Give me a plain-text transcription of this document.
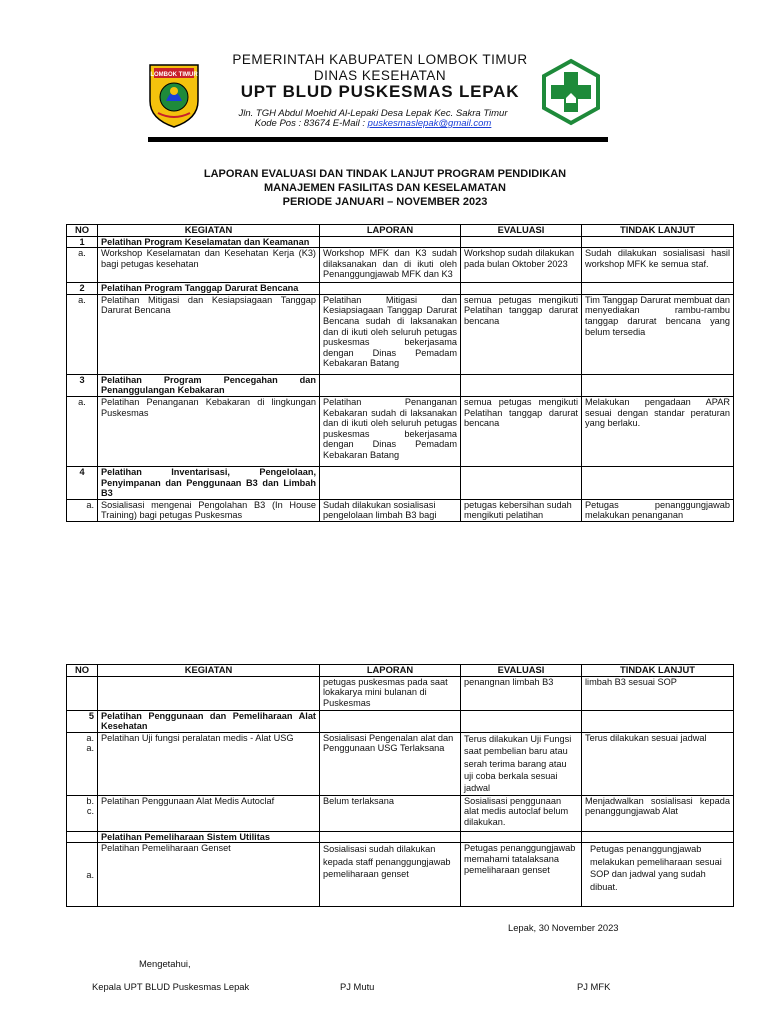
LOMBOK TIMUR
PEMERINTAH KABUPATEN LOMBOK TIMUR
DINAS KESEHATAN
UPT BLUD PUSKESMAS LEPAK
Jln. TGH Abdul Moehid Al-Lepaki Desa Lepak Kec. Sakra Timur
Kode Pos : 83674 E-Mail : puskesmaslepak@gmail.com
LAPORAN EVALUASI DAN TINDAK LANJUT PROGRAM PENDIDIKAN
MANAJEMEN FASILITAS DAN KESELAMATAN
PERIODE JANUARI – NOVEMBER 2023
NO	KEGIATAN	LAPORAN	EVALUASI	TINDAK LANJUT
1	Pelatihan Program Keselamatan dan Keamanan			
a.	Workshop Keselamatan dan Kesehatan Kerja (K3) bagi petugas kesehatan	Workshop MFK dan K3 sudah dilaksanakan dan di ikuti oleh Penanggungjawab MFK dan K3	Workshop sudah dilakukan pada bulan Oktober 2023	Sudah dilakukan sosialisasi hasil workshop MFK ke semua staf.
2	Pelatihan Program Tanggap Darurat Bencana			
a.	Pelatihan Mitigasi dan Kesiapsiagaan Tanggap Darurat Bencana	Pelatihan Mitigasi dan Kesiapsiagaan Tanggap Darurat Bencana sudah di laksanakan dan di ikuti oleh seluruh petugas puskesmas bekerjasama dengan Dinas Pemadam Kebakaran Batang	semua petugas mengikuti Pelatihan tanggap darurat bencana	Tim Tanggap Darurat membuat dan menyediakan rambu-rambu tanggap darurat bencana yang belum tersedia
3	Pelatihan Program Pencegahan dan Penanggulangan Kebakaran			
a.	Pelatihan Penanganan Kebakaran di lingkungan Puskesmas	Pelatihan Penanganan Kebakaran sudah di laksanakan dan di ikuti oleh seluruh petugas puskesmas bekerjasama dengan Dinas Pemadam Kebakaran Batang	semua petugas mengikuti Pelatihan tanggap darurat bencana	Melakukan pengadaan APAR sesuai dengan standar peraturan yang berlaku.
4	Pelatihan Inventarisasi, Pengelolaan, Penyimpanan dan Penggunaan B3 dan Limbah B3			
a.	Sosialisasi mengenai Pengolahan B3 (In House Training) bagi petugas Puskesmas	Sudah dilakukan sosialisasi pengelolaan limbah B3 bagi	petugas kebersihan sudah mengikuti pelatihan	Petugas penanggungjawab melakukan penanganan
NO	KEGIATAN	LAPORAN	EVALUASI	TINDAK LANJUT
		petugas puskesmas pada saat lokakarya mini bulanan di Puskesmas	penangnan limbah B3	limbah B3 sesuai SOP
5	Pelatihan Penggunaan dan Pemeliharaan Alat Kesehatan			
a.
a.	Pelatihan Uji fungsi peralatan medis - Alat USG	Sosialisasi Pengenalan alat dan Penggunaan USG Terlaksana	Terus dilakukan Uji Fungsi saat pembelian baru atau serah terima barang atau uji coba berkala sesuai jadwal	Terus dilakukan sesuai jadwal
b.
c.	Pelatihan Penggunaan Alat Medis Autoclaf	Belum terlaksana	Sosialisasi penggunaan alat medis autoclaf belum dilakukan.	Menjadwalkan sosialisasi kepada penanggungjawab Alat
	Pelatihan Pemeliharaan Sistem Utilitas			
a.	Pelatihan Pemeliharaan Genset	Sosialisasi sudah dilakukan kepada staff penanggungjawab pemeliharaan genset	Petugas penanggungjawab memahami tatalaksana pemeliharaan genset	Petugas penanggungjawab melakukan pemeliharaan sesuai SOP dan jadwal yang sudah dibuat.
Lepak, 30 November 2023
Mengetahui,
Kepala UPT BLUD Puskesmas Lepak	PJ Mutu	PJ MFK
